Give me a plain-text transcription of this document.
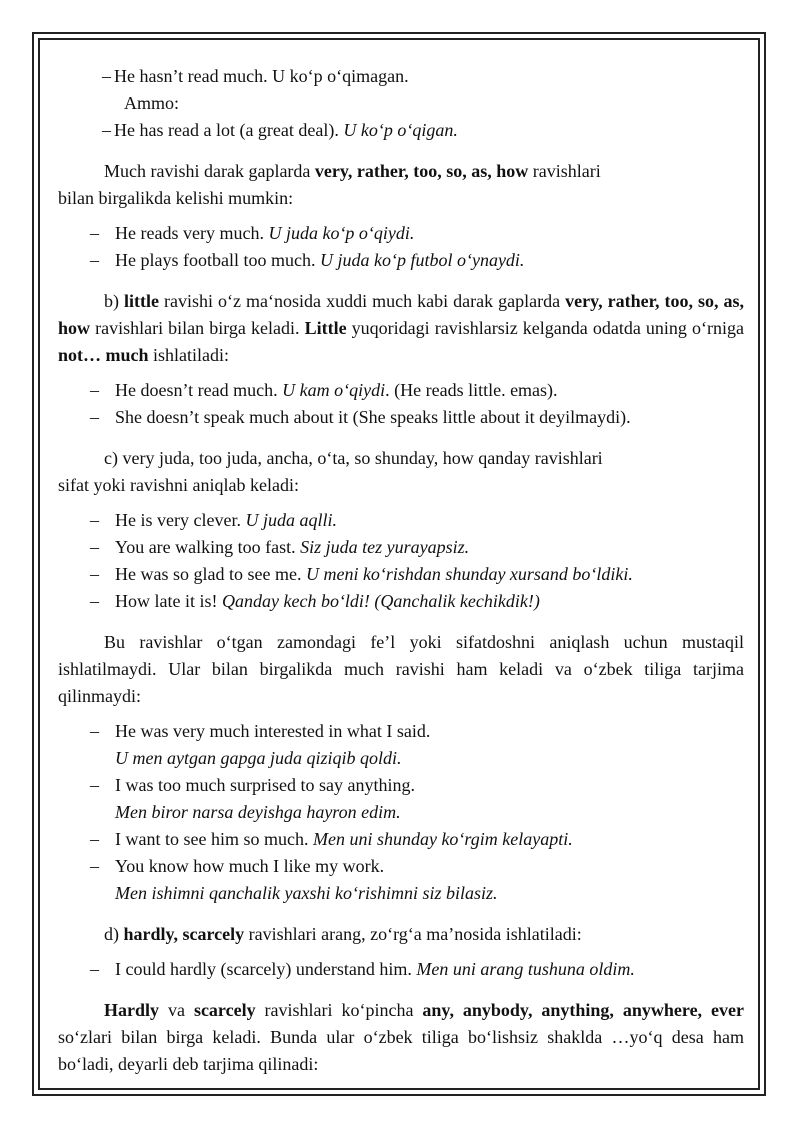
– He hasn’t read much. U ko‘p o‘qimagan.

Ammo:

– He has read a lot (a great deal). U ko‘p o‘qigan.

Much ravishi darak gaplarda very, rather, too, so, as, how ravishlari

bilan birgalikda kelishi mumkin:

– He reads very much. U juda ko‘p o‘qiydi.
– He plays football too much. U juda ko‘p futbol o‘ynaydi.

b) little ravishi o‘z ma‘nosida xuddi much kabi darak gaplarda very, rather, too, so, as, how ravishlari bilan birga keladi. Little yuqoridagi ravishlarsiz kelganda odatda uning o‘rniga not… much ishlatiladi:

– He doesn’t read much. U kam o‘qiydi. (He reads little. emas).
– She doesn’t speak much about it (She speaks little about it deyilmaydi).

c) very juda, too juda, ancha, o‘ta, so shunday, how qanday ravishlari

sifat yoki ravishni aniqlab keladi:

– He is very clever. U juda aqlli.
– You are walking too fast. Siz juda tez yurayapsiz.
– He was so glad to see me. U meni ko‘rishdan shunday xursand bo‘ldiki.
– How late it is! Qanday kech bo‘ldi! (Qanchalik kechikdik!)

Bu ravishlar o‘tgan zamondagi fe’l yoki sifatdoshni aniqlash uchun mustaqil ishlatilmaydi. Ular bilan birgalikda much ravishi ham keladi va o‘zbek tiliga tarjima qilinmaydi:

– He was very much interested in what I said.

U men aytgan gapga juda qiziqib qoldi.

– I was too much surprised to say anything.

Men biror narsa deyishga hayron edim.

– I want to see him so much. Men uni shunday ko‘rgim kelayapti.
– You know how much I like my work.

Men ishimni qanchalik yaxshi ko‘rishimni siz bilasiz.

d) hardly, scarcely ravishlari arang, zo‘rg‘a ma’nosida ishlatiladi:

– I could hardly (scarcely) understand him. Men uni arang tushuna oldim.

Hardly va scarcely ravishlari ko‘pincha any, anybody, anything, anywhere, ever so‘zlari bilan birga keladi. Bunda ular o‘zbek tiliga bo‘lishsiz shaklda …yo‘q desa ham bo‘ladi, deyarli deb tarjima qilinadi:
